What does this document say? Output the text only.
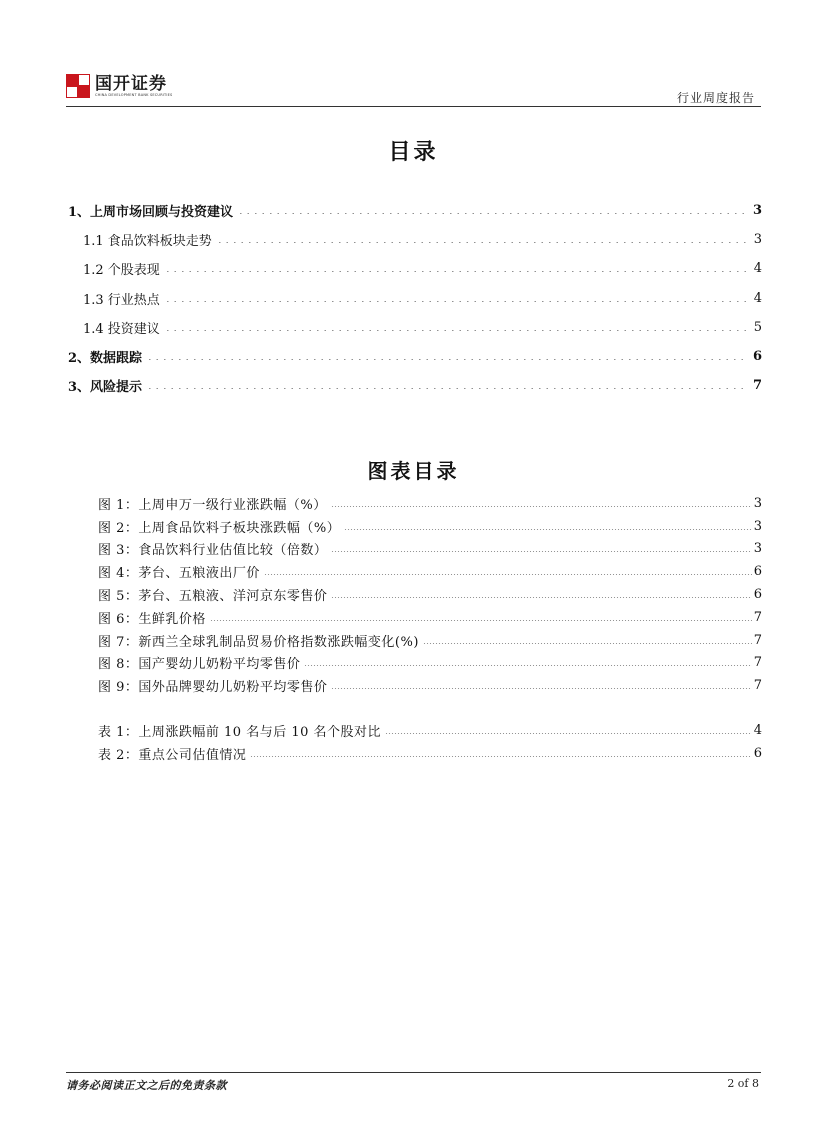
国开证券
CHINA DEVELOPMENT BANK SECURITIES	行业周度报告
目录
1、上周市场回顾与投资建议	3
1.1 食品饮料板块走势	3
1.2 个股表现	4
1.3 行业热点	4
1.4 投资建议	5
2、数据跟踪	6
3、风险提示	7
图表目录
图 1：上周申万一级行业涨跌幅（%）	3
图 2：上周食品饮料子板块涨跌幅（%）	3
图 3：食品饮料行业估值比较（倍数）	3
图 4：茅台、五粮液出厂价	6
图 5：茅台、五粮液、洋河京东零售价	6
图 6：生鲜乳价格	7
图 7：新西兰全球乳制品贸易价格指数涨跌幅变化(%)	7
图 8：国产婴幼儿奶粉平均零售价	7
图 9：国外品牌婴幼儿奶粉平均零售价	7
表 1：上周涨跌幅前 10 名与后 10 名个股对比	4
表 2：重点公司估值情况	6
请务必阅读正文之后的免责条款	2 of 8
